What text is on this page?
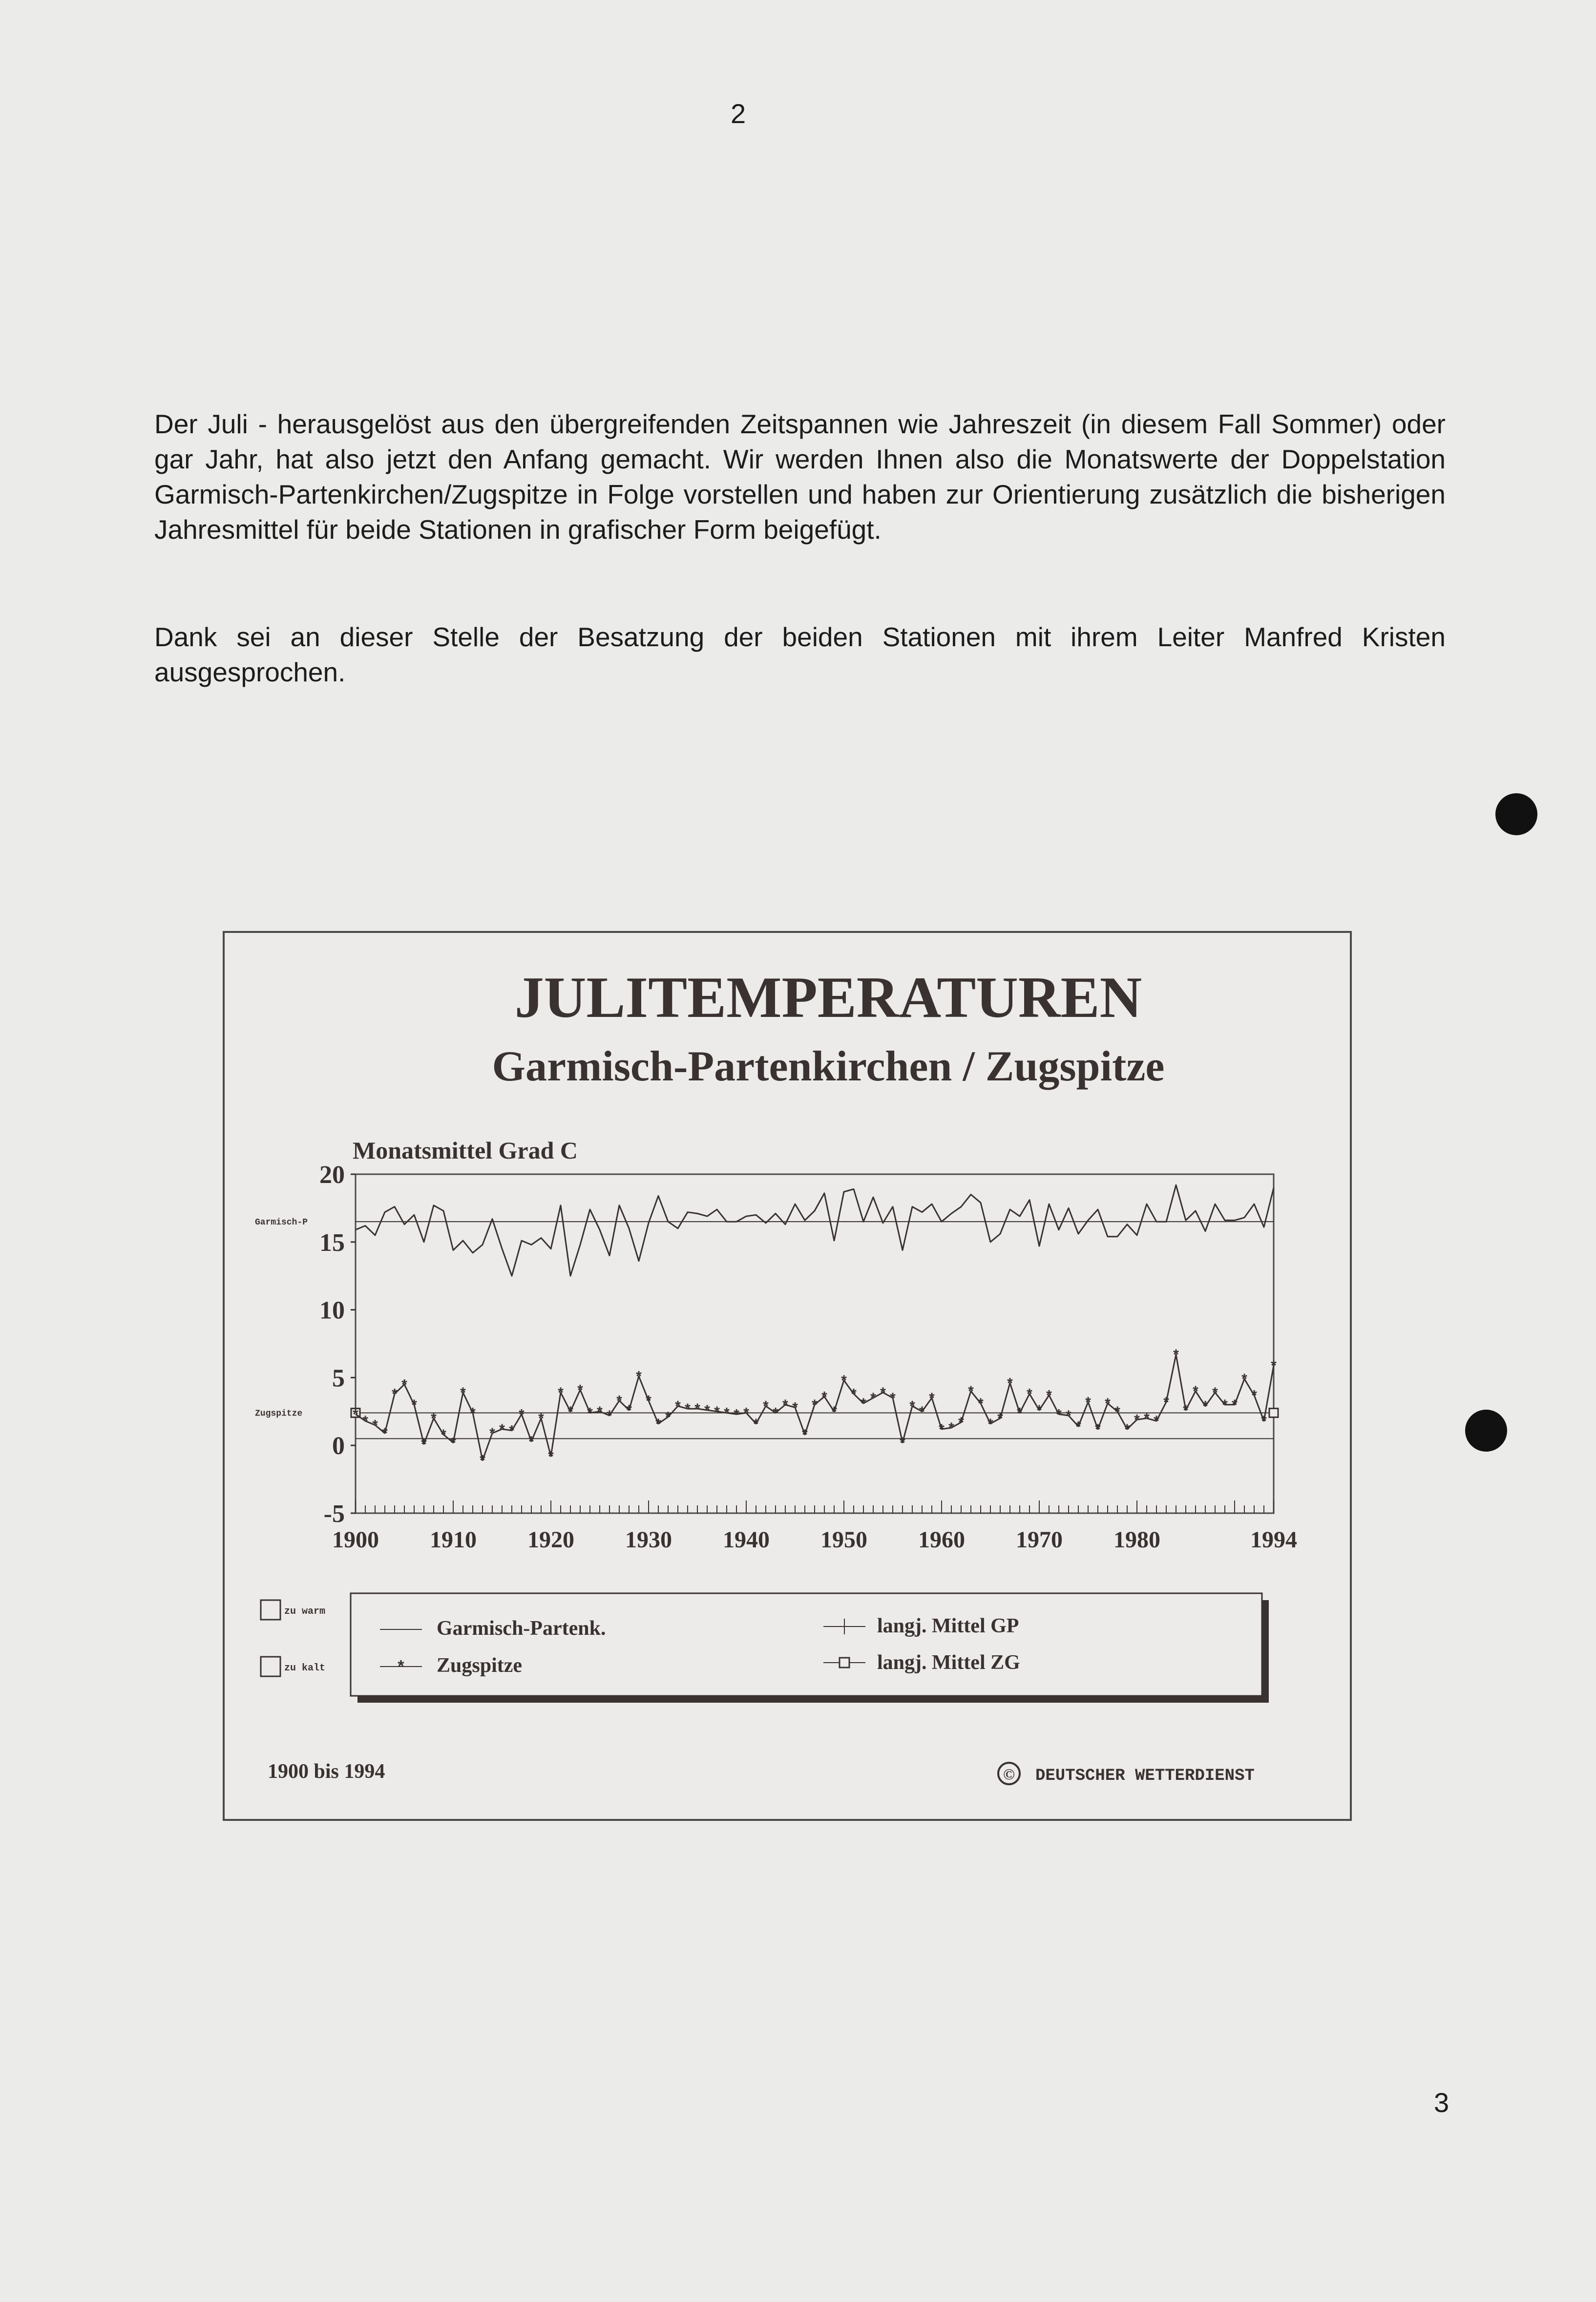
2

Der Juli - herausgelöst aus den übergreifenden Zeitspannen wie Jahreszeit (in diesem Fall Sommer) oder gar Jahr, hat also jetzt den Anfang gemacht. Wir werden Ihnen also die Monatswerte der Doppelstation Garmisch-Partenkirchen/Zugspitze in Folge vorstellen und haben zur Orientierung zusätzlich die bisherigen Jahresmittel für beide Stationen in grafischer Form beigefügt.

Dank sei an dieser Stelle der Besatzung der beiden Stationen mit ihrem Leiter Manfred Kristen ausgesprochen.

JULITEMPERATUREN
Garmisch-Partenkirchen / Zugspitze
Monatsmittel Grad C
20
15
10
5
0
-5
1900 1910 1920 1930 1940 1950 1960 1970 1980	1994
* * * *
*
*
*
*
*
* *
*
*
*
* * *
*
*
*
*
*
*
*
* * *
*
*
*
*
* *
* * * * * * * *
*
* * * *
*
* *
*
*
*
* * * *
*
* *
*
* * *
*
*
* *
*
*
*
*
*
* *
*
*
*
* *
*
* * *
*
*
*
*
*
*
* *
*
*
*
*
Garmisch-P
Zugspitze
zu warm
zu kalt
Garmisch-Partenk.
* Zugspitze
langj. Mittel GP
langj. Mittel ZG
1900 bis 1994	© DEUTSCHER WETTERDIENST
3
